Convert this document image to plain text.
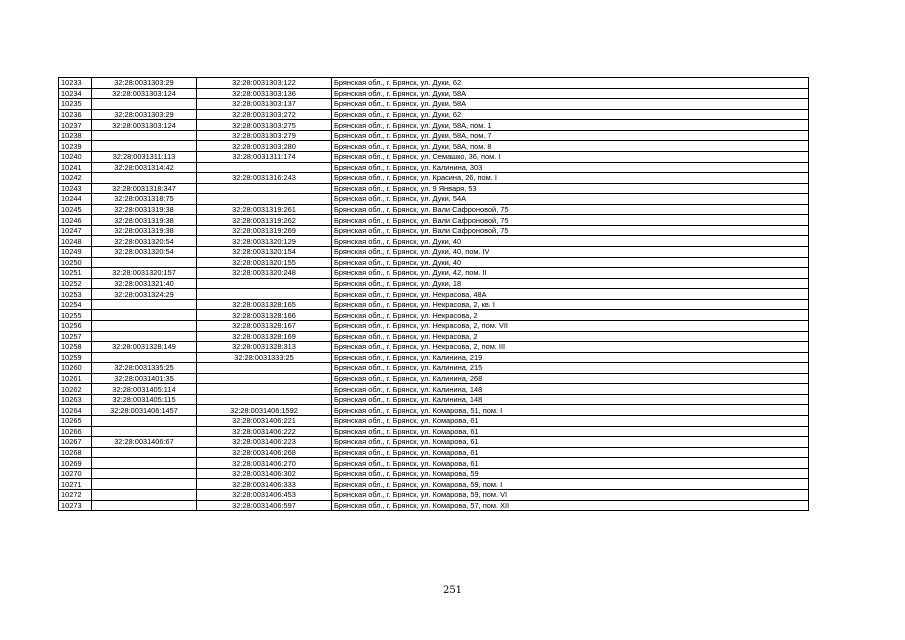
10233	32:28:0031303:29	32:28:0031303:122	Брянская обл., г. Брянск, ул. Дуки, 62
10234	32:28:0031303:124	32:28:0031303:136	Брянская обл., г. Брянск, ул. Дуки, 58А
10235		32:28:0031303:137	Брянская обл., г. Брянск, ул. Дуки, 58А
10236	32:28:0031303:29	32:28:0031303:272	Брянская обл., г. Брянск, ул. Дуки, 62
10237	32:28:0031303:124	32:28:0031303:275	Брянская обл., г. Брянск, ул. Дуки, 58А, пом. 1
10238		32:28:0031303:279	Брянская обл., г. Брянск, ул. Дуки, 58А, пом. 7
10239		32:28:0031303:280	Брянская обл., г. Брянск, ул. Дуки, 58А, пом. 8
10240	32:28:0031311:113	32:28:0031311:174	Брянская обл., г. Брянск, ул. Семашко, 36, пом. I
10241	32:28:0031314:42		Брянская обл., г. Брянск, ул. Калинина, 303
10242		32:28:0031316:243	Брянская обл., г. Брянск, ул. Красина, 26, пом. I
10243	32:28:0031318:347		Брянская обл., г. Брянск, ул. 9 Января, 53
10244	32:28:0031318:75		Брянская обл., г. Брянск, ул. Дуки, 54А
10245	32:28:0031319:38	32:28:0031319:261	Брянская обл., г. Брянск, ул. Вали Сафроновой, 75
10246	32:28:0031319:38	32:28:0031319:262	Брянская обл., г. Брянск, ул. Вали Сафроновой, 75
10247	32:28:0031319:38	32:28:0031319:269	Брянская обл., г. Брянск, ул. Вали Сафроновой, 75
10248	32:28:0031320:54	32:28:0031320:129	Брянская обл., г. Брянск, ул. Дуки, 40
10249	32:28:0031320:54	32:28:0031320:154	Брянская обл., г. Брянск, ул. Дуки, 40, пом. IV
10250		32:28:0031320:155	Брянская обл., г. Брянск, ул. Дуки, 40
10251	32:28:0031320:157	32:28:0031320:248	Брянская обл., г. Брянск, ул. Дуки, 42, пом. II
10252	32:28:0031321:40		Брянская обл., г. Брянск, ул. Дуки, 18
10253	32:28:0031324:29		Брянская обл., г. Брянск, ул. Некрасова, 48А
10254		32:28:0031328:165	Брянская обл., г. Брянск, ул. Некрасова, 2, кв. I
10255		32:28:0031328:166	Брянская обл., г. Брянск, ул. Некрасова, 2
10256		32:28:0031328:167	Брянская обл., г. Брянск, ул. Некрасова, 2, пом. VII
10257		32:28:0031328:169	Брянская обл., г. Брянск, ул. Некрасова, 2
10258	32:28:0031328:149	32:28:0031328:313	Брянская обл., г. Брянск, ул. Некрасова, 2, пом. III
10259		32:28:0031333:25	Брянская обл., г. Брянск, ул. Калинина, 219
10260	32:28:0031335:25		Брянская обл., г. Брянск, ул. Калинина, 215
10261	32:28:0031401:35		Брянская обл., г. Брянск, ул. Калинина, 268
10262	32:28:0031405:114		Брянская обл., г. Брянск, ул. Калинина, 148
10263	32:28:0031405:115		Брянская обл., г. Брянск, ул. Калинина, 148
10264	32:28:0031406:1457	32:28:0031406:1592	Брянская обл., г. Брянск, ул. Комарова, 51, пом. I
10265		32:28:0031406:221	Брянская обл., г. Брянск, ул. Комарова, 61
10266		32:28:0031406:222	Брянская обл., г. Брянск, ул. Комарова, 61
10267	32:28:0031406:67	32:28:0031406:223	Брянская обл., г. Брянск, ул. Комарова, 61
10268		32:28:0031406:268	Брянская обл., г. Брянск, ул. Комарова, 61
10269		32:28:0031406:270	Брянская обл., г. Брянск, ул. Комарова, 61
10270		32:28:0031406:302	Брянская обл., г. Брянск, ул. Комарова, 59
10271		32:28:0031406:333	Брянская обл., г. Брянск, ул. Комарова, 59, пом. I
10272		32:28:0031406:453	Брянская обл., г. Брянск, ул. Комарова, 59, пом. VI
10273		32:28:0031406:597	Брянская обл., г. Брянск, ул. Комарова, 57, пом. XII
251
